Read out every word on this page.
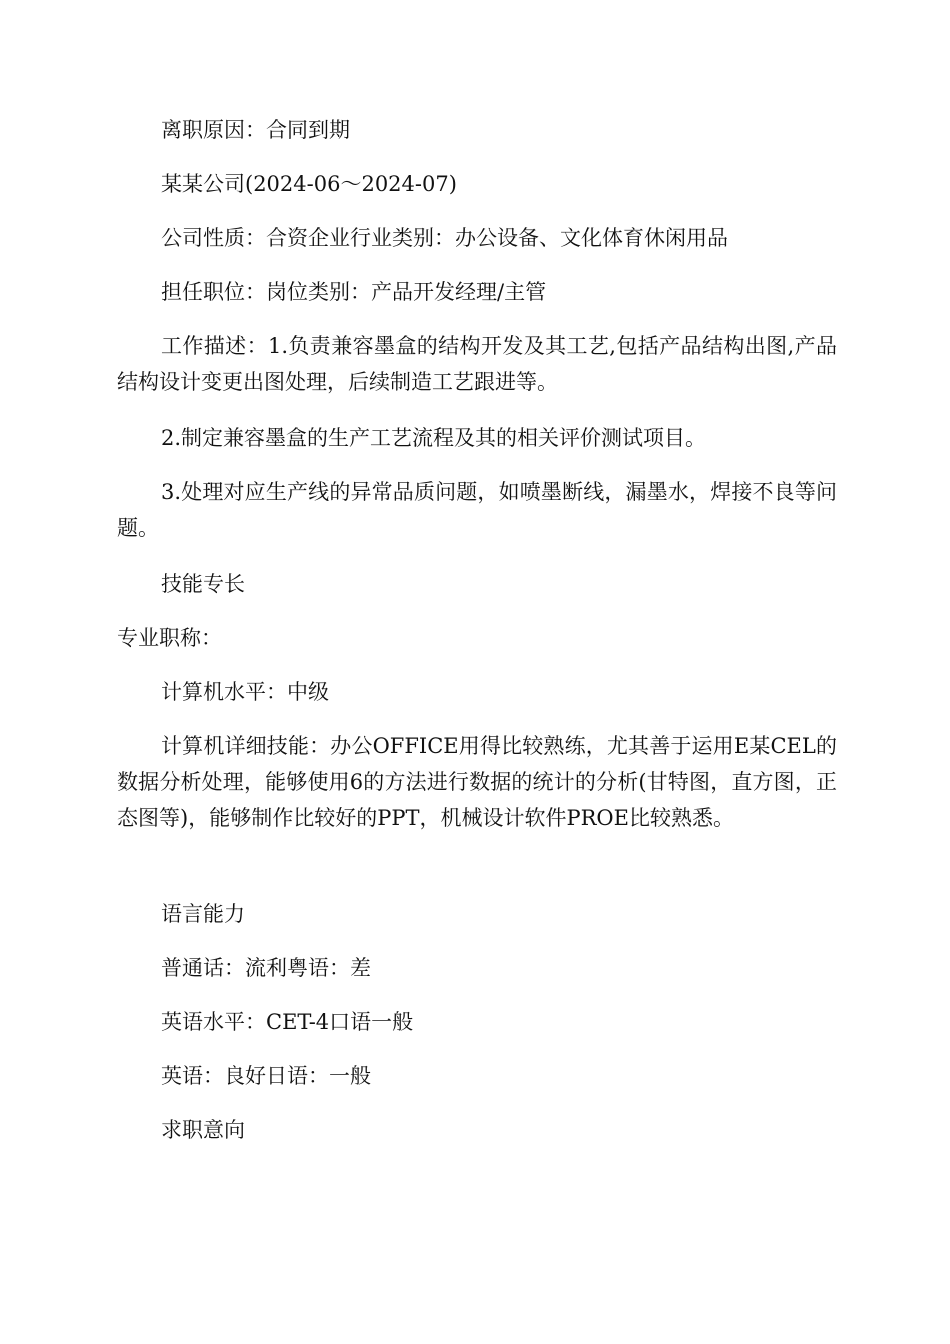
离职原因：合同到期

某某公司(2024-06～2024-07)

公司性质：合资企业行业类别：办公设备、文化体育休闲用品

担任职位：岗位类别：产品开发经理/主管

工作描述：1.负责兼容墨盒的结构开发及其工艺,包括产品结构出图,产品结构设计变更出图处理，后续制造工艺跟进等。

2.制定兼容墨盒的生产工艺流程及其的相关评价测试项目。

3.处理对应生产线的异常品质问题，如喷墨断线，漏墨水，焊接不良等问题。

技能专长

专业职称：

计算机水平：中级

计算机详细技能：办公OFFICE用得比较熟练，尤其善于运用E某CEL的数据分析处理，能够使用6的方法进行数据的统计的分析(甘特图，直方图，正态图等)，能够制作比较好的PPT，机械设计软件PROE比较熟悉。

语言能力

普通话：流利粤语：差

英语水平：CET-4口语一般

英语：良好日语：一般

求职意向
